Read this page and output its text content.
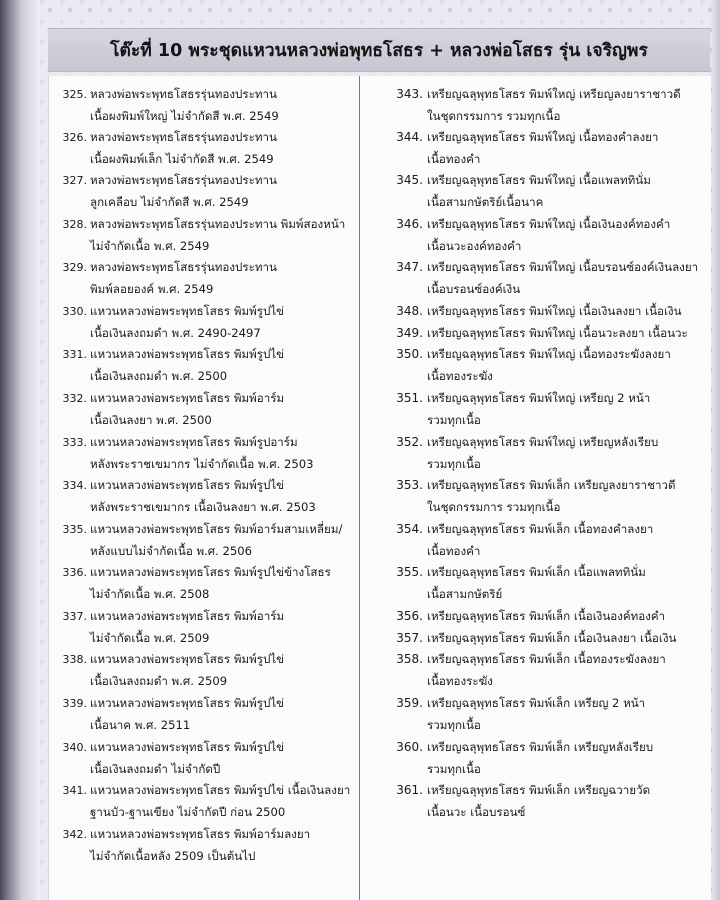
โต๊ะที่ 10 พระชุดแหวนหลวงพ่อพุทธโสธร + หลวงพ่อโสธร รุ่น เจริญพร
325. หลวงพ่อพระพุทธโสธรรุ่นทองประทาน
เนื้อผงพิมพ์ใหญ่ ไม่จำกัดสี พ.ศ. 2549
326. หลวงพ่อพระพุทธโสธรรุ่นทองประทาน
เนื้อผงพิมพ์เล็ก ไม่จำกัดสี พ.ศ. 2549
327. หลวงพ่อพระพุทธโสธรรุ่นทองประทาน
ลูกเคลือบ ไม่จำกัดสี พ.ศ. 2549
328. หลวงพ่อพระพุทธโสธรรุ่นทองประทาน พิมพ์สองหน้า
ไม่จำกัดเนื้อ พ.ศ. 2549
329. หลวงพ่อพระพุทธโสธรรุ่นทองประทาน
พิมพ์ลอยองค์ พ.ศ. 2549
330. แหวนหลวงพ่อพระพุทธโสธร พิมพ์รูปไข่
เนื้อเงินลงถมดำ พ.ศ. 2490-2497
331. แหวนหลวงพ่อพระพุทธโสธร พิมพ์รูปไข่
เนื้อเงินลงถมดำ พ.ศ. 2500
332. แหวนหลวงพ่อพระพุทธโสธร พิมพ์อาร์ม
เนื้อเงินลงยา พ.ศ. 2500
333. แหวนหลวงพ่อพระพุทธโสธร พิมพ์รูปอาร์ม
หลังพระราชเขมากร ไม่จำกัดเนื้อ พ.ศ. 2503
334. แหวนหลวงพ่อพระพุทธโสธร พิมพ์รูปไข่
หลังพระราชเขมากร เนื้อเงินลงยา พ.ศ. 2503
335. แหวนหลวงพ่อพระพุทธโสธร พิมพ์อาร์มสามเหลี่ยม/
หลังแบบไม่จำกัดเนื้อ พ.ศ. 2506
336. แหวนหลวงพ่อพระพุทธโสธร พิมพ์รูปไข่ข้างโสธร
ไม่จำกัดเนื้อ พ.ศ. 2508
337. แหวนหลวงพ่อพระพุทธโสธร พิมพ์อาร์ม
ไม่จำกัดเนื้อ พ.ศ. 2509
338. แหวนหลวงพ่อพระพุทธโสธร พิมพ์รูปไข่
เนื้อเงินลงถมดำ พ.ศ. 2509
339. แหวนหลวงพ่อพระพุทธโสธร พิมพ์รูปไข่
เนื้อนาค พ.ศ. 2511
340. แหวนหลวงพ่อพระพุทธโสธร พิมพ์รูปไข่
เนื้อเงินลงถมดำ ไม่จำกัดปี
341. แหวนหลวงพ่อพระพุทธโสธร พิมพ์รูปไข่ เนื้อเงินลงยา
ฐานบัว-ฐานเขียง ไม่จำกัดปี ก่อน 2500
342. แหวนหลวงพ่อพระพุทธโสธร พิมพ์อาร์มลงยา
ไม่จำกัดเนื้อหลัง 2509 เป็นต้นไป
343. เหรียญฉลุพุทธโสธร พิมพ์ใหญ่ เหรียญลงยาราชาวดี
ในชุดกรรมการ รวมทุกเนื้อ
344. เหรียญฉลุพุทธโสธร พิมพ์ใหญ่ เนื้อทองคำลงยา
เนื้อทองคำ
345. เหรียญฉลุพุทธโสธร พิมพ์ใหญ่ เนื้อแพลททินั่ม
เนื้อสามกษัตริย์เนื้อนาค
346. เหรียญฉลุพุทธโสธร พิมพ์ใหญ่ เนื้อเงินองค์ทองคำ
เนื้อนวะองค์ทองคำ
347. เหรียญฉลุพุทธโสธร พิมพ์ใหญ่ เนื้อบรอนซ์องค์เงินลงยา
เนื้อบรอนซ์องค์เงิน
348. เหรียญฉลุพุทธโสธร พิมพ์ใหญ่ เนื้อเงินลงยา เนื้อเงิน
349. เหรียญฉลุพุทธโสธร พิมพ์ใหญ่ เนื้อนวะลงยา เนื้อนวะ
350. เหรียญฉลุพุทธโสธร พิมพ์ใหญ่ เนื้อทองระฆังลงยา
เนื้อทองระฆัง
351. เหรียญฉลุพุทธโสธร พิมพ์ใหญ่ เหรียญ 2 หน้า
รวมทุกเนื้อ
352. เหรียญฉลุพุทธโสธร พิมพ์ใหญ่ เหรียญหลังเรียบ
รวมทุกเนื้อ
353. เหรียญฉลุพุทธโสธร พิมพ์เล็ก เหรียญลงยาราชาวดี
ในชุดกรรมการ รวมทุกเนื้อ
354. เหรียญฉลุพุทธโสธร พิมพ์เล็ก เนื้อทองคำลงยา
เนื้อทองคำ
355. เหรียญฉลุพุทธโสธร พิมพ์เล็ก เนื้อแพลททินั่ม
เนื้อสามกษัตริย์
356. เหรียญฉลุพุทธโสธร พิมพ์เล็ก เนื้อเงินองค์ทองคำ
357. เหรียญฉลุพุทธโสธร พิมพ์เล็ก เนื้อเงินลงยา เนื้อเงิน
358. เหรียญฉลุพุทธโสธร พิมพ์เล็ก เนื้อทองระฆังลงยา
เนื้อทองระฆัง
359. เหรียญฉลุพุทธโสธร พิมพ์เล็ก เหรียญ 2 หน้า
รวมทุกเนื้อ
360. เหรียญฉลุพุทธโสธร พิมพ์เล็ก เหรียญหลังเรียบ
รวมทุกเนื้อ
361. เหรียญฉลุพุทธโสธร พิมพ์เล็ก เหรียญฉวายวัด
เนื้อนวะ เนื้อบรอนซ์
